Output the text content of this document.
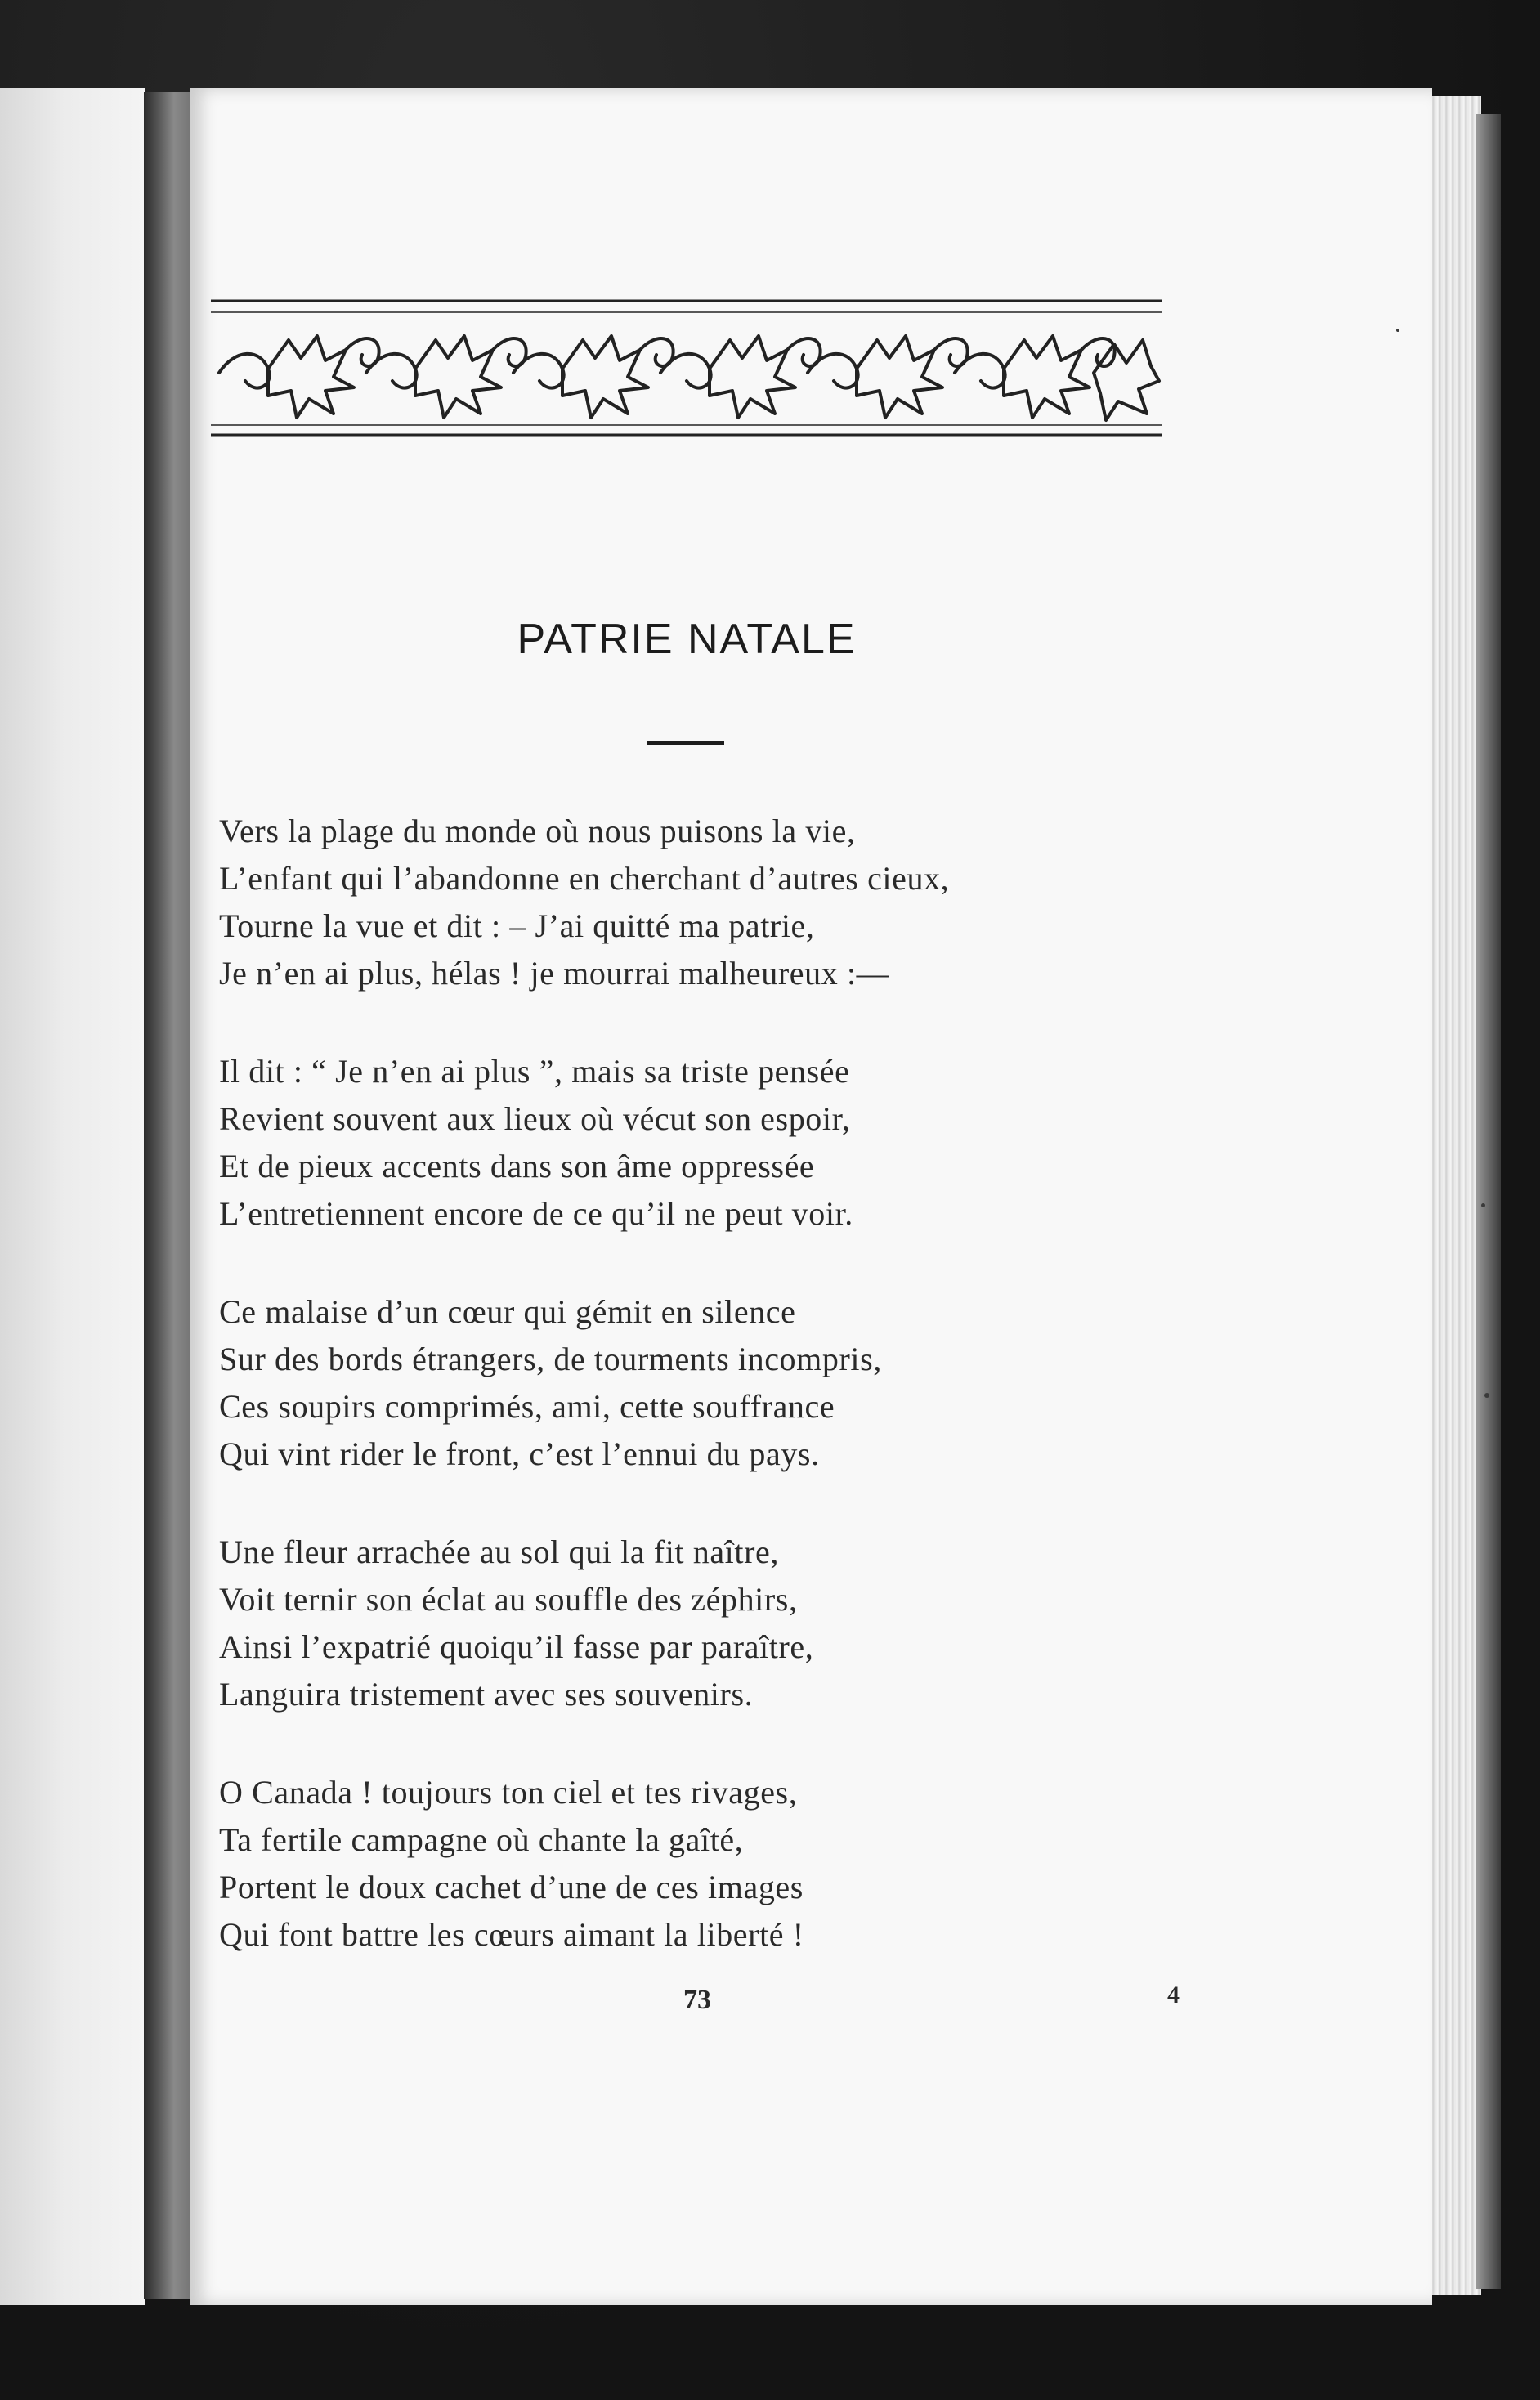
PATRIE NATALE
Vers la plage du monde où nous puisons la vie,
L’enfant qui l’abandonne en cherchant d’autres cieux,
Tourne la vue et dit : – J’ai quitté ma patrie,
Je n’en ai plus, hélas ! je mourrai malheureux :—
Il dit : “ Je n’en ai plus ”, mais sa triste pensée
Revient souvent aux lieux où vécut son espoir,
Et de pieux accents dans son âme oppressée
L’entretiennent encore de ce qu’il ne peut voir.
Ce malaise d’un cœur qui gémit en silence
Sur des bords étrangers, de tourments incompris,
Ces soupirs comprimés, ami, cette souffrance
Qui vint rider le front, c’est l’ennui du pays.
Une fleur arrachée au sol qui la fit naître,
Voit ternir son éclat au souffle des zéphirs,
Ainsi l’expatrié quoiqu’il fasse par paraître,
Languira tristement avec ses souvenirs.
O Canada ! toujours ton ciel et tes rivages,
Ta fertile campagne où chante la gaîté,
Portent le doux cachet d’une de ces images
Qui font battre les cœurs aimant la liberté !
73	4
